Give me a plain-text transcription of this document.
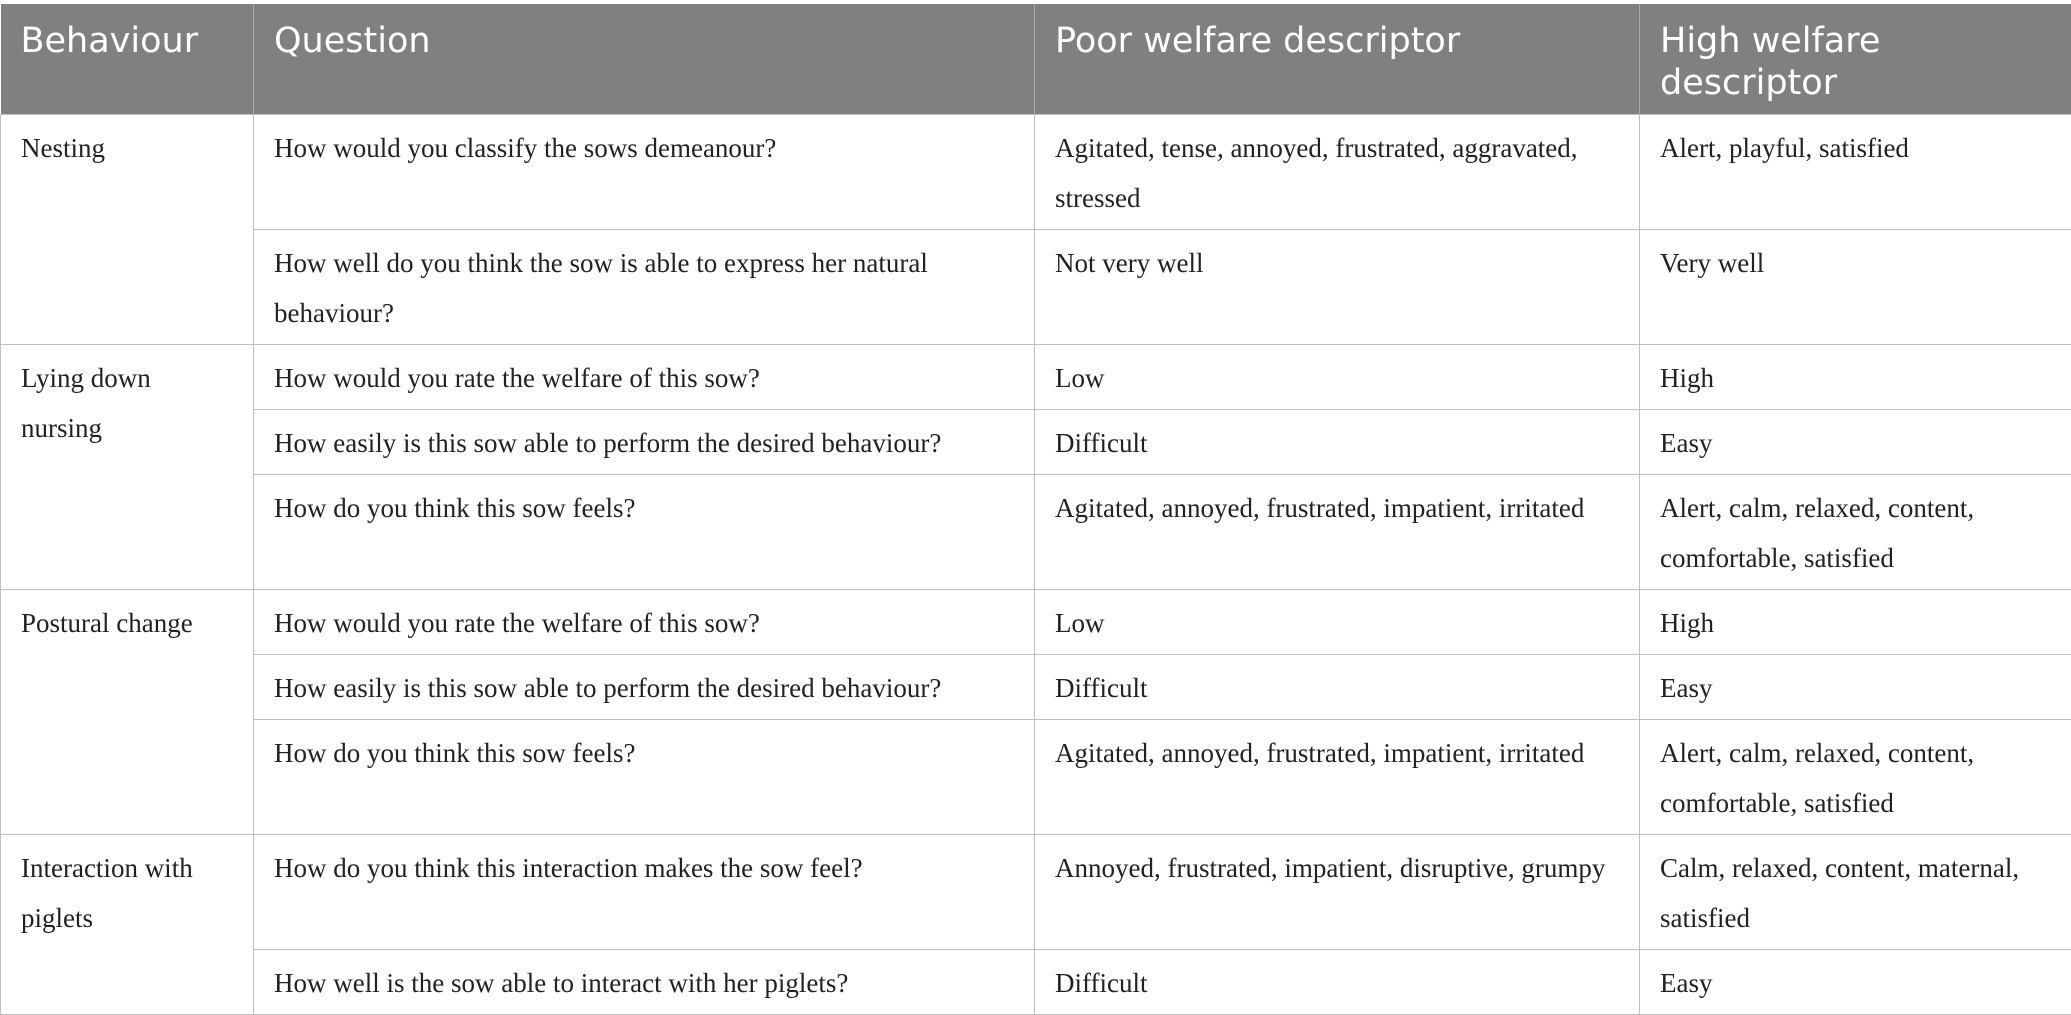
Behaviour	Question	Poor welfare descriptor	High welfare descriptor
Nesting	How would you classify the sows demeanour?	Agitated, tense, annoyed, frustrated, aggravated, stressed	Alert, playful, satisfied
	How well do you think the sow is able to express her natural behaviour?	Not very well	Very well
Lying down nursing	How would you rate the welfare of this sow?	Low	High
	How easily is this sow able to perform the desired behaviour?	Difficult	Easy
	How do you think this sow feels?	Agitated, annoyed, frustrated, impatient, irritated	Alert, calm, relaxed, content, comfortable, satisfied
Postural change	How would you rate the welfare of this sow?	Low	High
	How easily is this sow able to perform the desired behaviour?	Difficult	Easy
	How do you think this sow feels?	Agitated, annoyed, frustrated, impatient, irritated	Alert, calm, relaxed, content, comfortable, satisfied
Interaction with piglets	How do you think this interaction makes the sow feel?	Annoyed, frustrated, impatient, disruptive, grumpy	Calm, relaxed, content, maternal, satisfied
	How well is the sow able to interact with her piglets?	Difficult	Easy
